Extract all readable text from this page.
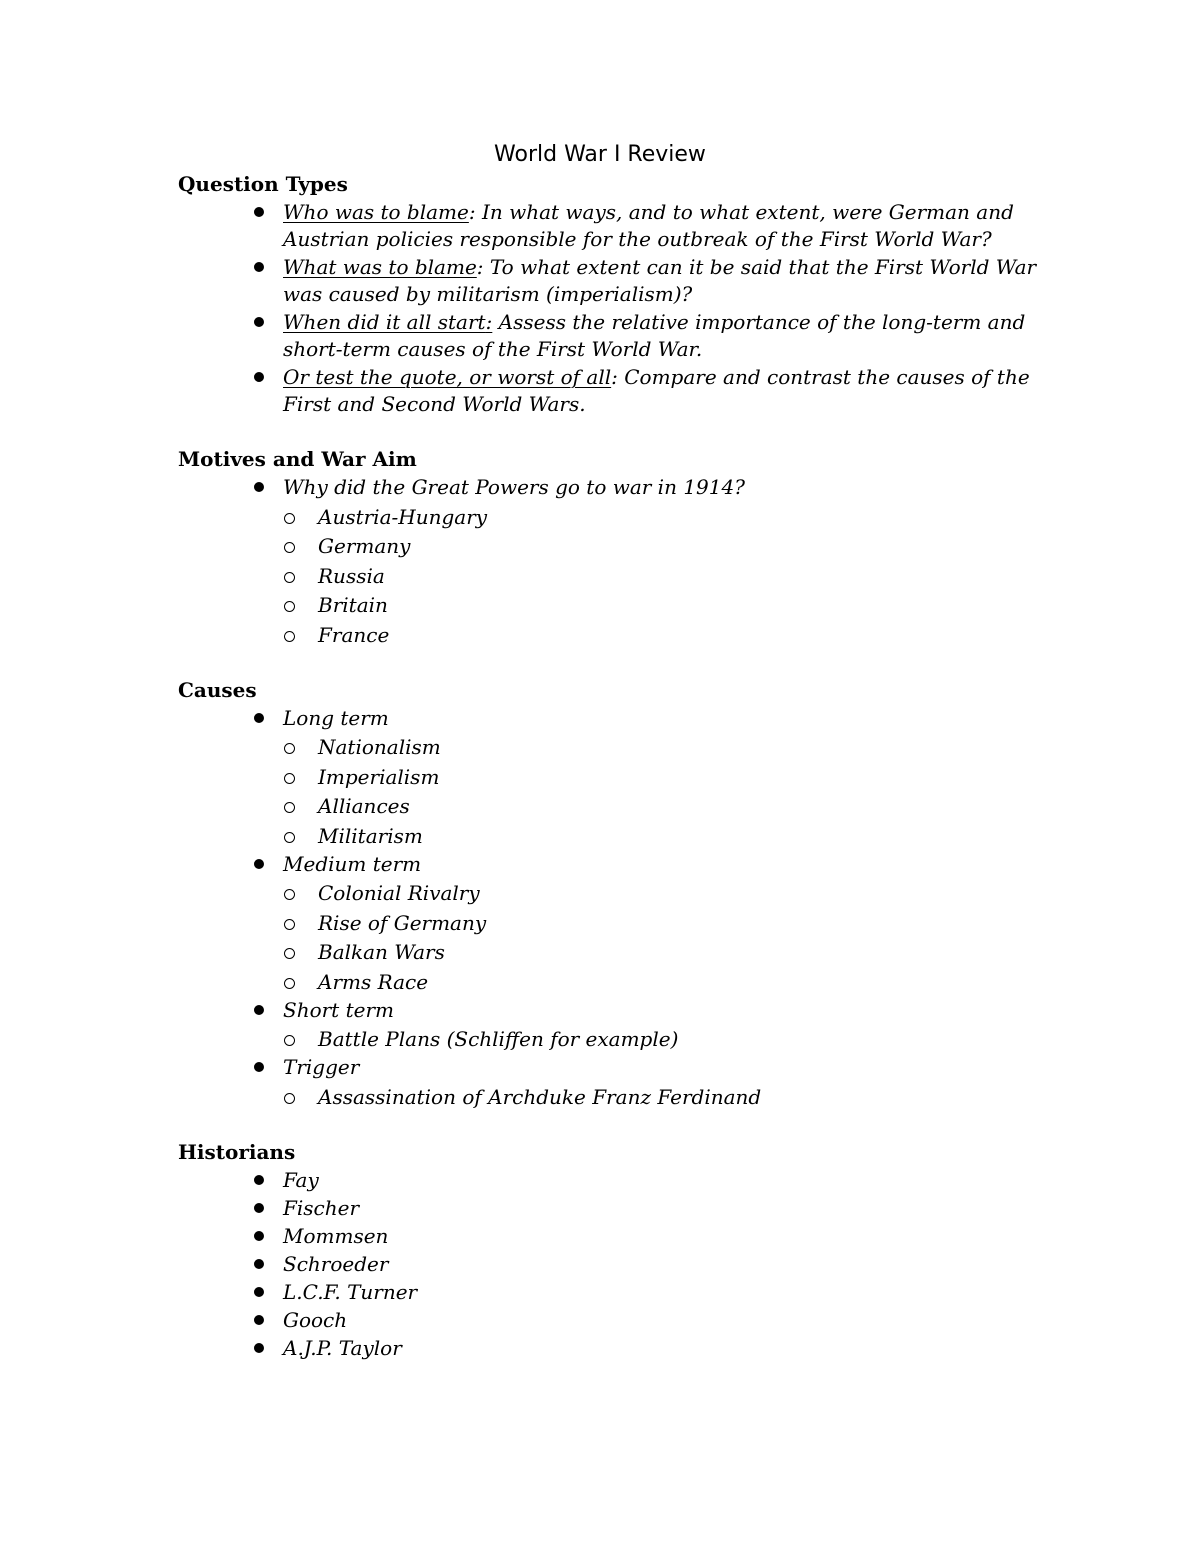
World War I Review
Question Types
Who was to blame: In what ways, and to what extent, were German and Austrian policies responsible for the outbreak of the First World War?
What was to blame: To what extent can it be said that the First World War was caused by militarism (imperialism)?
When did it all start: Assess the relative importance of the long-term and short-term causes of the First World War.
Or test the quote, or worst of all: Compare and contrast the causes of the First and Second World Wars.
Motives and War Aim
Why did the Great Powers go to war in 1914?
Austria-Hungary
Germany
Russia
Britain
France
Causes
Long term
Nationalism
Imperialism
Alliances
Militarism
Medium term
Colonial Rivalry
Rise of Germany
Balkan Wars
Arms Race
Short term
Battle Plans (Schliffen for example)
Trigger
Assassination of Archduke Franz Ferdinand
Historians
Fay
Fischer
Mommsen
Schroeder
L.C.F. Turner
Gooch
A.J.P. Taylor
